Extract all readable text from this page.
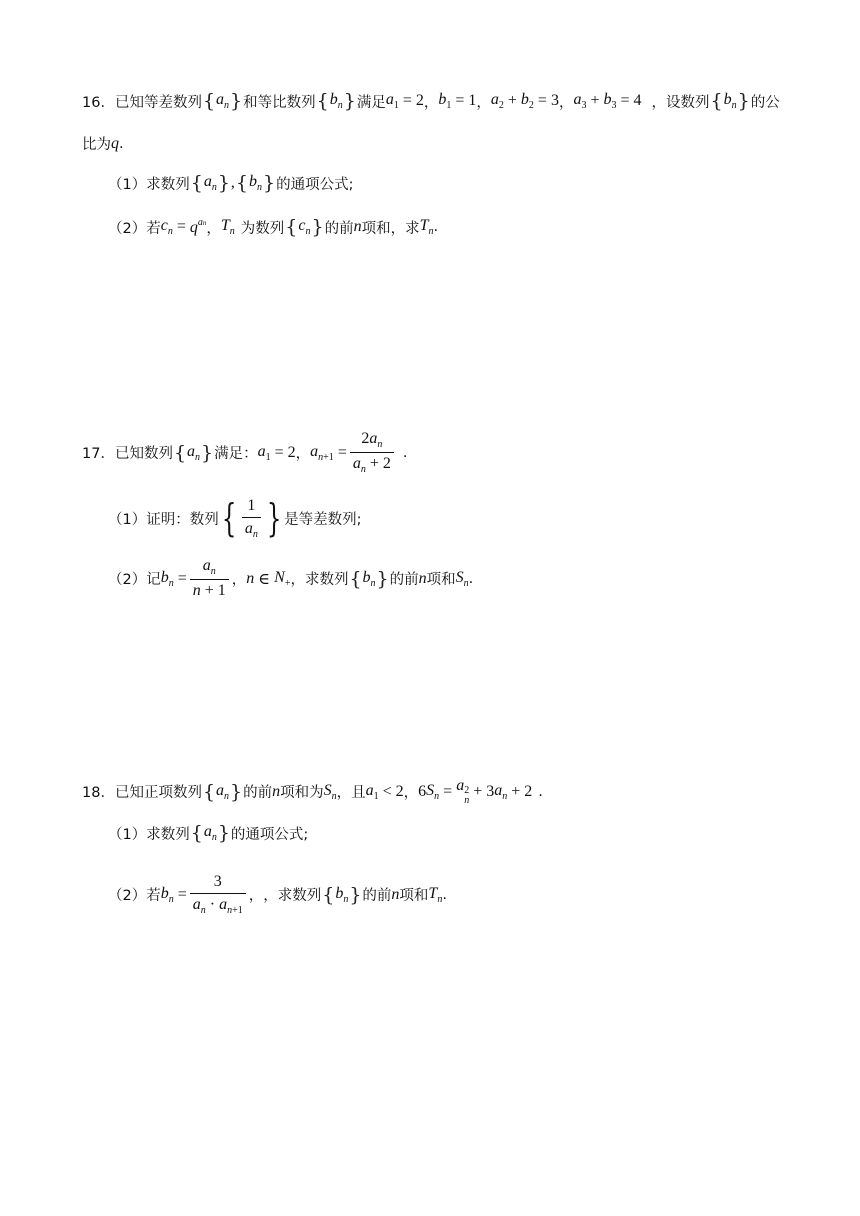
16． 已知等差数列 { $a_n$ } 和等比数列 { $b_n$ } 满足 $a_1 = 2$ ， $b_1 = 1$ ， $a_2 + b_2 = 3$ ， $a_3 + b_3 = 4$ ，设数列 { $b_n$ } 的公
比为 q .
（1） 求数列 { $a_n$ } , { $b_n$ } 的通项公式;
（2） 若 $c_n = q^{an}$ ， $T_n$ 为数列 { $c_n$ } 的前 n 项和，求 $T_n$ .
17． 已知数列 { $a_n$ } 满足： $a_1 = 2$ ， $a_{n+1} = \frac{2a_n}{a_n + 2}$ .
（1） 证明：数列 { $\frac{1}{a_n}$ } 是等差数列;
（2） 记 $b_n = \frac{a_n}{n + 1}$ ， n ∈ $N_+$ ，求数列 { $b_n$ } 的前 n 项和 $S_n$ .
18． 已知正项数列 { $a_n$ } 的前 n 项和为 $S_n$ ，且 $a_1 < 2$ ， 6 $S_n = a$ 2
n
+ 3 $a_n + 2$ .
（1） 求数列 { $a_n$ } 的通项公式;
（2） 若 $b_n = \frac{3}{a_n \cdot a_{n+1}}$ ， ，求数列 { $b_n$ } 的前 n 项和 $T_n$ .
